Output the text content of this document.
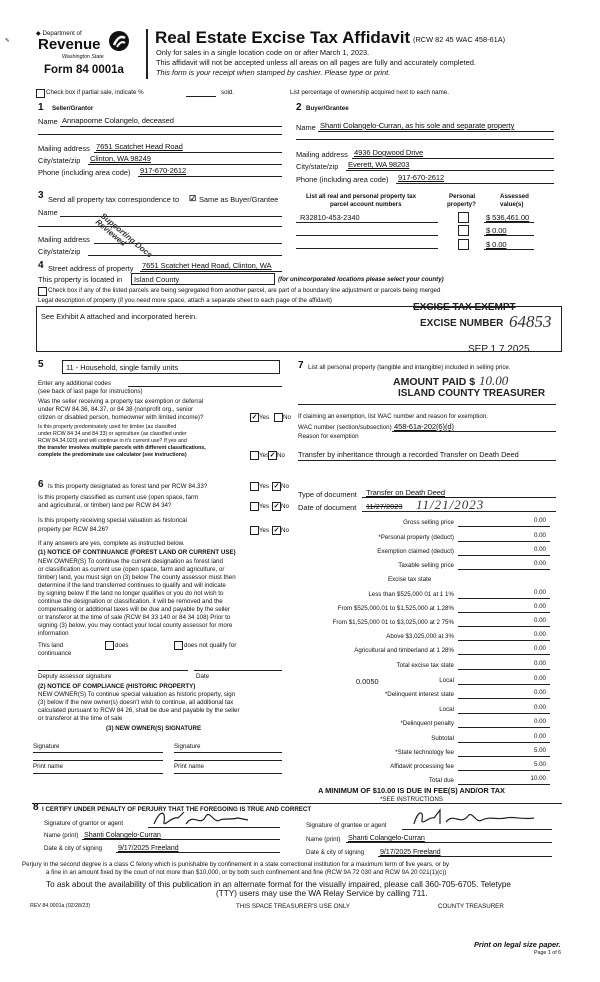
✎
◆ Department of
Revenue
Washington State
Form 84 0001a
Real Estate Excise Tax Affidavit (RCW 82 45 WAC 458-61A)
Only for sales in a single location code on or after March 1, 2023.
This affidavit will not be accepted unless all areas on all pages are fully and accurately completed.
This form is your receipt when stamped by cashier. Please type or print.
Check box if partial sale, indicate %	sold.	List percentage of ownership acquired next to each name.
1 Seller/Grantor
Name Annapoorne Colangelo, deceased
Mailing address 7651 Scatchet Head Road
City/state/zip Clinton, WA 98249
Phone (including area code) 917-670-2612
2 Buyer/Grantee
Name Shanti Colangelo-Curran, as his sole and separate property
Mailing address 4936 Dogwood Drive
City/state/zip Everett, WA 98203
Phone (including area code) 917-670-2612
3 Send all property tax correspondence to ☑ Same as Buyer/Grantee
Name
Mailing address
City/state/zip	Supporting Docs Reviewed
List all real and personal property tax
parcel account numbers
Personal
property?
Assessed
value(s)
R32810-453-2340	$ 536,461.00
$ 0.00
$ 0.00
4 Street address of property 7651 Scatchet Head Road, Clinton, WA
This property is located in Island County	(for unincorporated locations please select your county)
Check box if any of the listed parcels are being segregated from another parcel, are part of a boundary line adjustment or parcels being merged
Legal description of property (if you need more space, attach a separate sheet to each page of the affidavit)
See Exhibit A attached and incorporated herein.
EXCISE TAX EXEMPT
EXCISE NUMBER 64853
SEP 1 7 2025
5	11 - Household, single family units
Enter any additional codes
(see back of last page for instructions)
Was the seller receiving a property tax exemption or deferral
under RCW 84.36, 84.37, or 84 38 (nonprofit org., senior
citizen or disabled person, homeowner with limited income)?	✓ Yes No
Is this property predominately used for timber (as classified
under RCW 84 34 and 84 33) or agriculture (as classified under
RCW 84.34.020) and will continue in it's current use? If yes and
the transfer involves multiple parcels with different classifications,
complete the predominate use calculator (see instructions)	Yes ✓ No
6 Is this property designated as forest land per RCW 84.33?	Yes ✓ No
Is this property classified as current use (open space, farm
and agricultural, or timber) land per RCW 84 34?	Yes ✓ No
Is this property receiving special valuation as historical
property per RCW 84.26?	Yes ✓ No
If any answers are yes, complete as instructed below.
(1) NOTICE OF CONTINUANCE (FOREST LAND OR CURRENT USE)
NEW OWNER(S) To continue the current designation as forest land
or classification as current use (open space, farm and agriculture, or
timber) land, you must sign on (3) below The county assessor must then
determine if the land transferred continues to qualify and will indicate
by signing below If the land no longer qualifies or you do not wish to
continue the designation or classification, it will be removed and the
compensating or additional taxes will be due and payable by the seller
or transferor at the time of sale (RCW 84 33 140 or 84 34 108) Prior to
signing (3) below, you may contact your local county assessor for more
information
This land
continuance
does	does not qualify for
Deputy assessor signature	Date
(2) NOTICE OF COMPLIANCE (HISTORIC PROPERTY)
NEW OWNER(S) To continue special valuation as historic property, sign
(3) below If the new owner(s) doesn't wish to continue, all additional tax
calculated pursuant to RCW 84 26, shall be due and payable by the seller
or transferor at the time of sale
(3) NEW OWNER(S) SIGNATURE
Signature	Signature
Print name	Print name
7 List all personal property (tangible and intangible) included in selling price.
AMOUNT PAID $ 10.00
ISLAND COUNTY TREASURER
If claiming an exemption, list WAC number and reason for exemption.
WAC number (section/subsection) 458-61a-202(6)(d)
Reason for exemption
Transfer by inheritance through a recorded Transfer on Death Deed
Type of document Transfer on Death Deed
Date of document 11/27/2023 11/21/2023
Gross selling price	0.00
*Personal property (deduct)	0.00
Exemption claimed (deduct)	0.00
Taxable selling price	0.00
Excise tax state
Less than $525,000 01 at 1 1%	0.00
From $525,000.01 to $1,525,000 at 1.28%	0.00
From $1,525,000 01 to $3,025,000 at 2 75%	0.00
Above $3,025,000 at 3%	0.00
Agricultural and timberland at 1 28%	0.00
Total excise tax state	0.00
0.0050	Local	0.00
*Delinquent interest state	0.00
Local	0.00
*Delinquent penalty	0.00
Subtotal	0.00
*State technology fee	5.00
Affidavit processing fee	5.00
Total due	10.00
A MINIMUM OF $10.00 IS DUE IN FEE(S) AND/OR TAX
*SEE INSTRUCTIONS
8 I CERTIFY UNDER PENALTY OF PERJURY THAT THE FOREGOING IS TRUE AND CORRECT
Signature of grantor or agent
Name (print) Shanti Colangelo-Curran
Date & city of signing 9/17/2025 Freeland
Signature of grantee or agent
Name (print) Shanti Colangelo-Curran
Date & city of signing 9/17/2025 Freeland
Perjury in the second degree is a class C felony which is punishable by confinement in a state correctional institution for a maximum term of five years, or by
a fine in an amount fixed by the court of not more than $10,000, or by both such confinement and fine (RCW 9A 72 030 and RCW 9A 20 021(1)(c))
To ask about the availability of this publication in an alternate format for the visually impaired, please call 360-705-6705. Teletype
(TTY) users may use the WA Relay Service by calling 711.
REV 84 0001a (02/28/23)	THIS SPACE TREASURER'S USE ONLY	COUNTY TREASURER
Print on legal size paper.
Page 1 of 6
